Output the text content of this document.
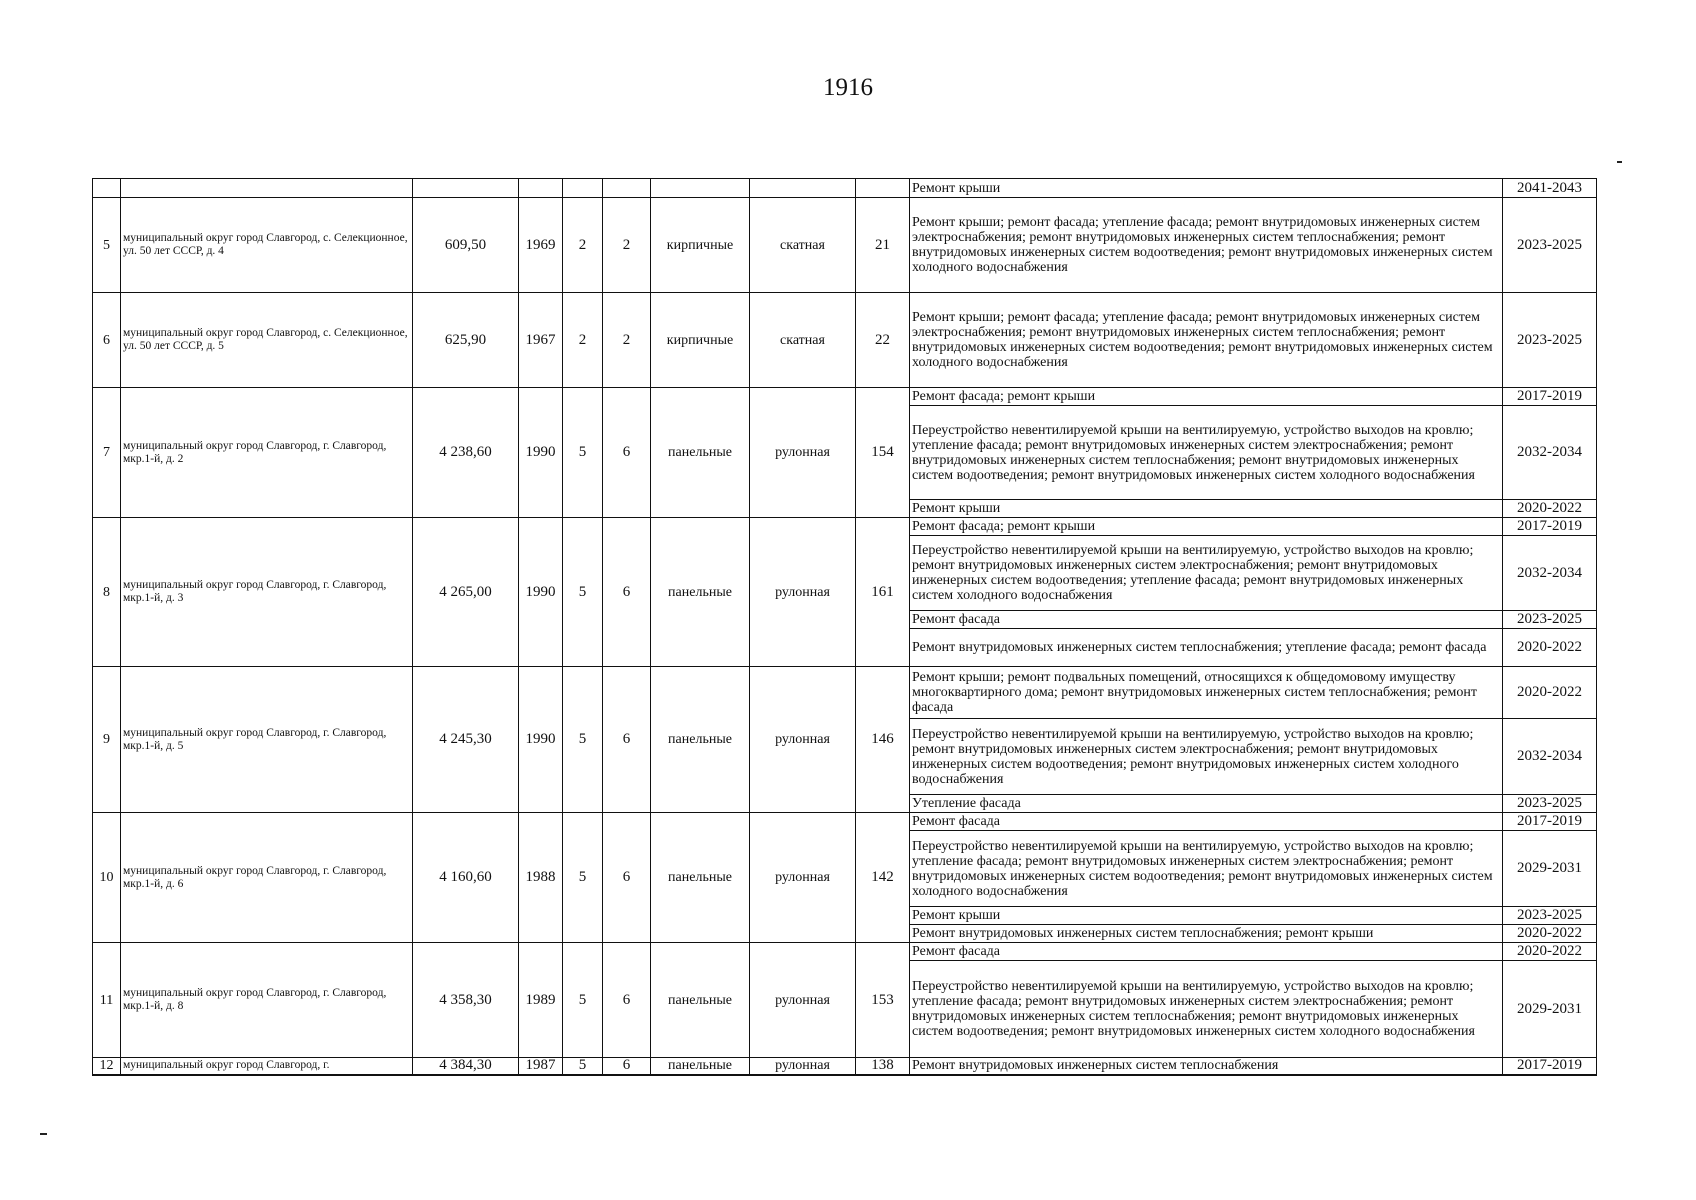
1916
									Ремонт крыши	2041-2043
5	муниципальный округ город Славгород, с. Селекционное, ул. 50 лет СССР, д. 4	609,50	1969	2	2	кирпичные	скатная	21	Ремонт крыши; ремонт фасада; утепление фасада; ремонт внутридомовых инженерных систем электроснабжения; ремонт внутридомовых инженерных систем теплоснабжения; ремонт внутридомовых инженерных систем водоотведения; ремонт внутридомовых инженерных систем холодного водоснабжения	2023-2025
6	муниципальный округ город Славгород, с. Селекционное, ул. 50 лет СССР, д. 5	625,90	1967	2	2	кирпичные	скатная	22	Ремонт крыши; ремонт фасада; утепление фасада; ремонт внутридомовых инженерных систем электроснабжения; ремонт внутридомовых инженерных систем теплоснабжения; ремонт внутридомовых инженерных систем водоотведения; ремонт внутридомовых инженерных систем холодного водоснабжения	2023-2025
7	муниципальный округ город Славгород, г. Славгород, мкр.1-й, д. 2	4 238,60	1990	5	6	панельные	рулонная	154	Ремонт фасада; ремонт крыши	2017-2019
									Переустройство невентилируемой крыши на вентилируемую, устройство выходов на кровлю; утепление фасада; ремонт внутридомовых инженерных систем электроснабжения; ремонт внутридомовых инженерных систем теплоснабжения; ремонт внутридомовых инженерных систем водоотведения; ремонт внутридомовых инженерных систем холодного водоснабжения	2032-2034
									Ремонт крыши	2020-2022
8	муниципальный округ город Славгород, г. Славгород, мкр.1-й, д. 3	4 265,00	1990	5	6	панельные	рулонная	161	Ремонт фасада; ремонт крыши	2017-2019
									Переустройство невентилируемой крыши на вентилируемую, устройство выходов на кровлю; ремонт внутридомовых инженерных систем электроснабжения; ремонт внутридомовых инженерных систем водоотведения; утепление фасада; ремонт внутридомовых инженерных систем холодного водоснабжения	2032-2034
									Ремонт фасада	2023-2025
									Ремонт внутридомовых инженерных систем теплоснабжения; утепление фасада; ремонт фасада	2020-2022
9	муниципальный округ город Славгород, г. Славгород, мкр.1-й, д. 5	4 245,30	1990	5	6	панельные	рулонная	146	Ремонт крыши; ремонт подвальных помещений, относящихся к общедомовому имуществу многоквартирного дома; ремонт внутридомовых инженерных систем теплоснабжения; ремонт фасада	2020-2022
									Переустройство невентилируемой крыши на вентилируемую, устройство выходов на кровлю; ремонт внутридомовых инженерных систем электроснабжения; ремонт внутридомовых инженерных систем водоотведения; ремонт внутридомовых инженерных систем холодного водоснабжения	2032-2034
									Утепление фасада	2023-2025
10	муниципальный округ город Славгород, г. Славгород, мкр.1-й, д. 6	4 160,60	1988	5	6	панельные	рулонная	142	Ремонт фасада	2017-2019
									Переустройство невентилируемой крыши на вентилируемую, устройство выходов на кровлю; утепление фасада; ремонт внутридомовых инженерных систем электроснабжения; ремонт внутридомовых инженерных систем водоотведения; ремонт внутридомовых инженерных систем холодного водоснабжения	2029-2031
									Ремонт крыши	2023-2025
									Ремонт внутридомовых инженерных систем теплоснабжения; ремонт крыши	2020-2022
11	муниципальный округ город Славгород, г. Славгород, мкр.1-й, д. 8	4 358,30	1989	5	6	панельные	рулонная	153	Ремонт фасада	2020-2022
									Переустройство невентилируемой крыши на вентилируемую, устройство выходов на кровлю; утепление фасада; ремонт внутридомовых инженерных систем электроснабжения; ремонт внутридомовых инженерных систем теплоснабжения; ремонт внутридомовых инженерных систем водоотведения; ремонт внутридомовых инженерных систем холодного водоснабжения	2029-2031
12	муниципальный округ город Славгород, г.	4 384,30	1987	5	6	панельные	рулонная	138	Ремонт внутридомовых инженерных систем теплоснабжения	2017-2019
